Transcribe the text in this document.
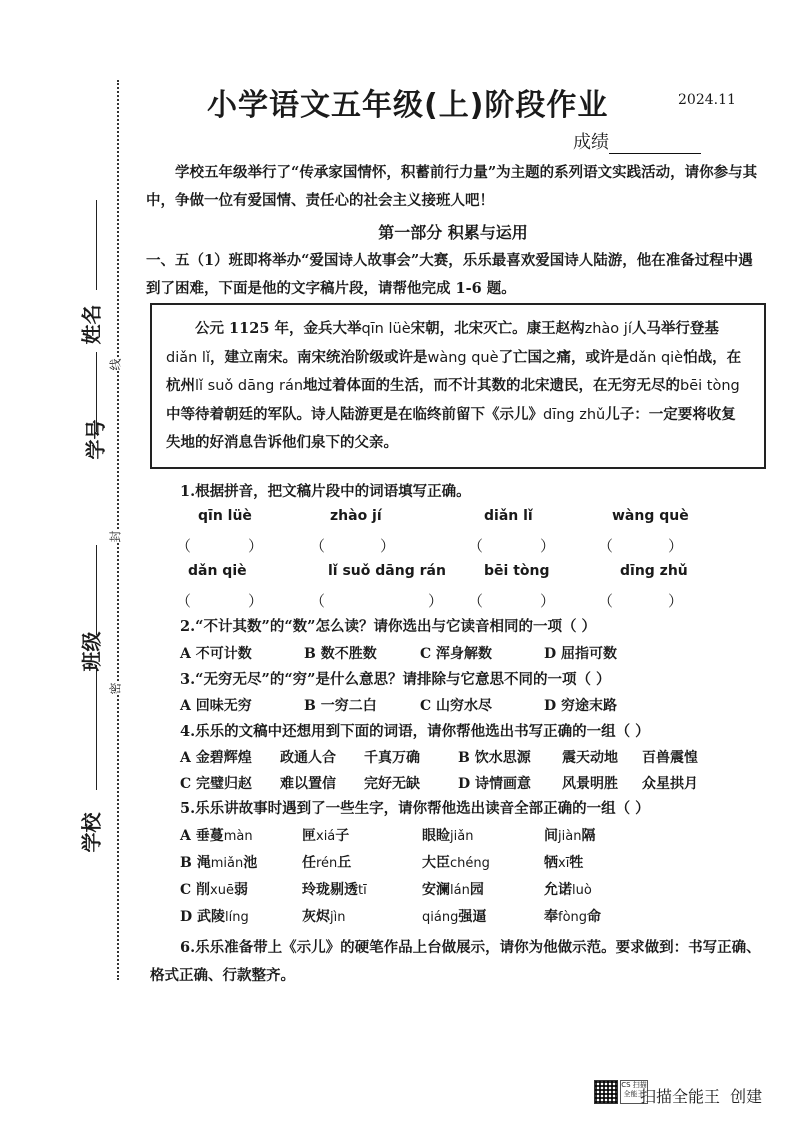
姓名
学号
班级
学校
线
封
密
小学语文五年级(上)阶段作业	2024.11
成绩
学校五年级举行了“传承家国情怀，积蓄前行力量”为主题的系列语文实践活动，请你参与其中，争做一位有爱国情、责任心的社会主义接班人吧！
第一部分 积累与运用
一、五（1）班即将举办“爱国诗人故事会”大赛，乐乐最喜欢爱国诗人陆游，他在准备过程中遇到了困难，下面是他的文字稿片段，请帮他完成 1-6 题。
公元 1125 年，金兵大举qīn lüè宋朝，北宋灭亡。康王赵构zhào jí人马举行登基diǎn lǐ，建立南宋。南宋统治阶级或许是wàng què了亡国之痛，或许是dǎn qiè怕战，在杭州lǐ suǒ dāng rán地过着体面的生活，而不计其数的北宋遗民，在无穷无尽的bēi tòng中等待着朝廷的军队。诗人陆游更是在临终前留下《示儿》dīng zhǔ儿子：一定要将收复失地的好消息告诉他们泉下的父亲。
1.根据拼音，把文稿片段中的词语填写正确。
qīn lüè	zhào jí	diǎn lǐ	wàng què
（	）	（	）	（	）	（	）
dǎn qiè	lǐ suǒ dāng rán	bēi tòng	dīng zhǔ
（	）	（	） （	）	（	）
2.“不计其数”的“数”怎么读？请你选出与它读音相同的一项（ ）
A 不可计数	B 数不胜数	C 浑身解数	D 屈指可数
3.“无穷无尽”的“穷”是什么意思？请排除与它意思不同的一项（ ）
A 回味无穷	B 一穷二白	C 山穷水尽	D 穷途末路
4.乐乐的文稿中还想用到下面的词语，请你帮他选出书写正确的一组（ ）
A 金碧辉煌 政通人合 千真万确	B 饮水思源 震天动地 百兽震惶
C 完璧归赵 难以置信 完好无缺	D 诗情画意 风景明胜 众星拱月
5.乐乐讲故事时遇到了一些生字，请你帮他选出读音全部正确的一组（ ）
A 垂蔓màn	匣xiá子	眼睑jiǎn	间jiàn隔
B 渑miǎn池	任rén丘	大臣chéng	牺xī牲
C 削xuē弱	玲珑剔透tī	安澜lán园	允诺luò
D 武陵líng	灰烬jìn	qiáng强逼	奉fòng命
6.乐乐准备带上《示儿》的硬笔作品上台做展示，请你为他做示范。要求做到：书写正确、格式正确、行款整齐。
CS 扫描全能王
扫描全能王  创建
